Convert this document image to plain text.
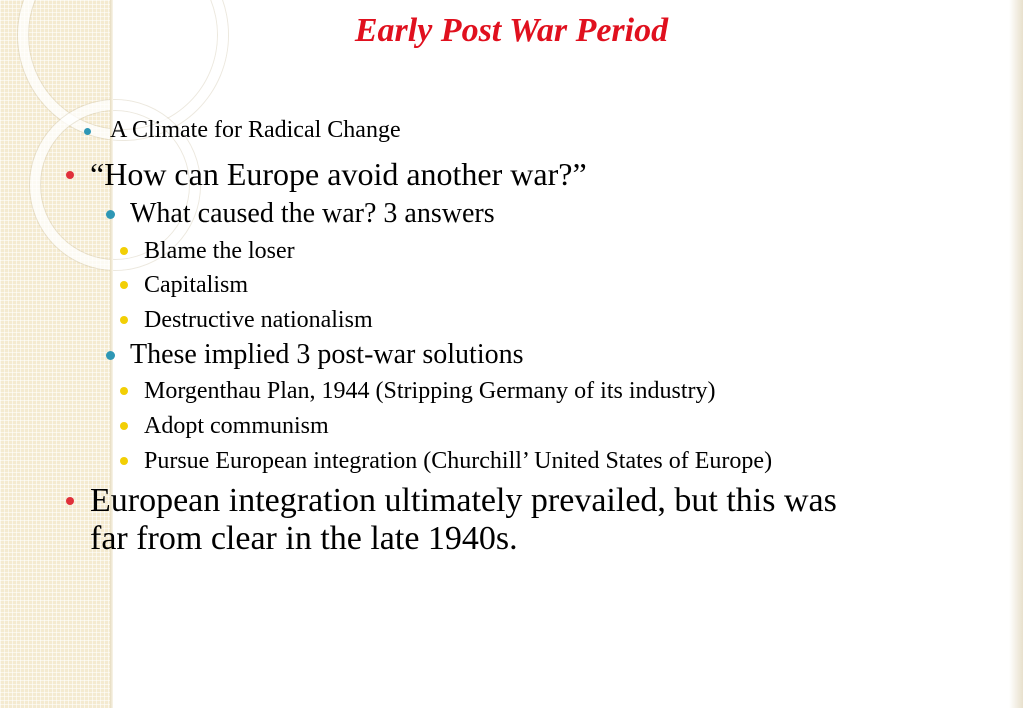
Early Post War Period
A Climate for Radical Change
“How can Europe avoid another war?”
What caused the war? 3 answers
Blame the loser
Capitalism
Destructive nationalism
These implied 3 post-war solutions
Morgenthau Plan, 1944 (Stripping Germany of its industry)
Adopt communism
Pursue European integration (Churchill’ United States of Europe)
European integration ultimately prevailed, but this was
far from clear in the late 1940s.
